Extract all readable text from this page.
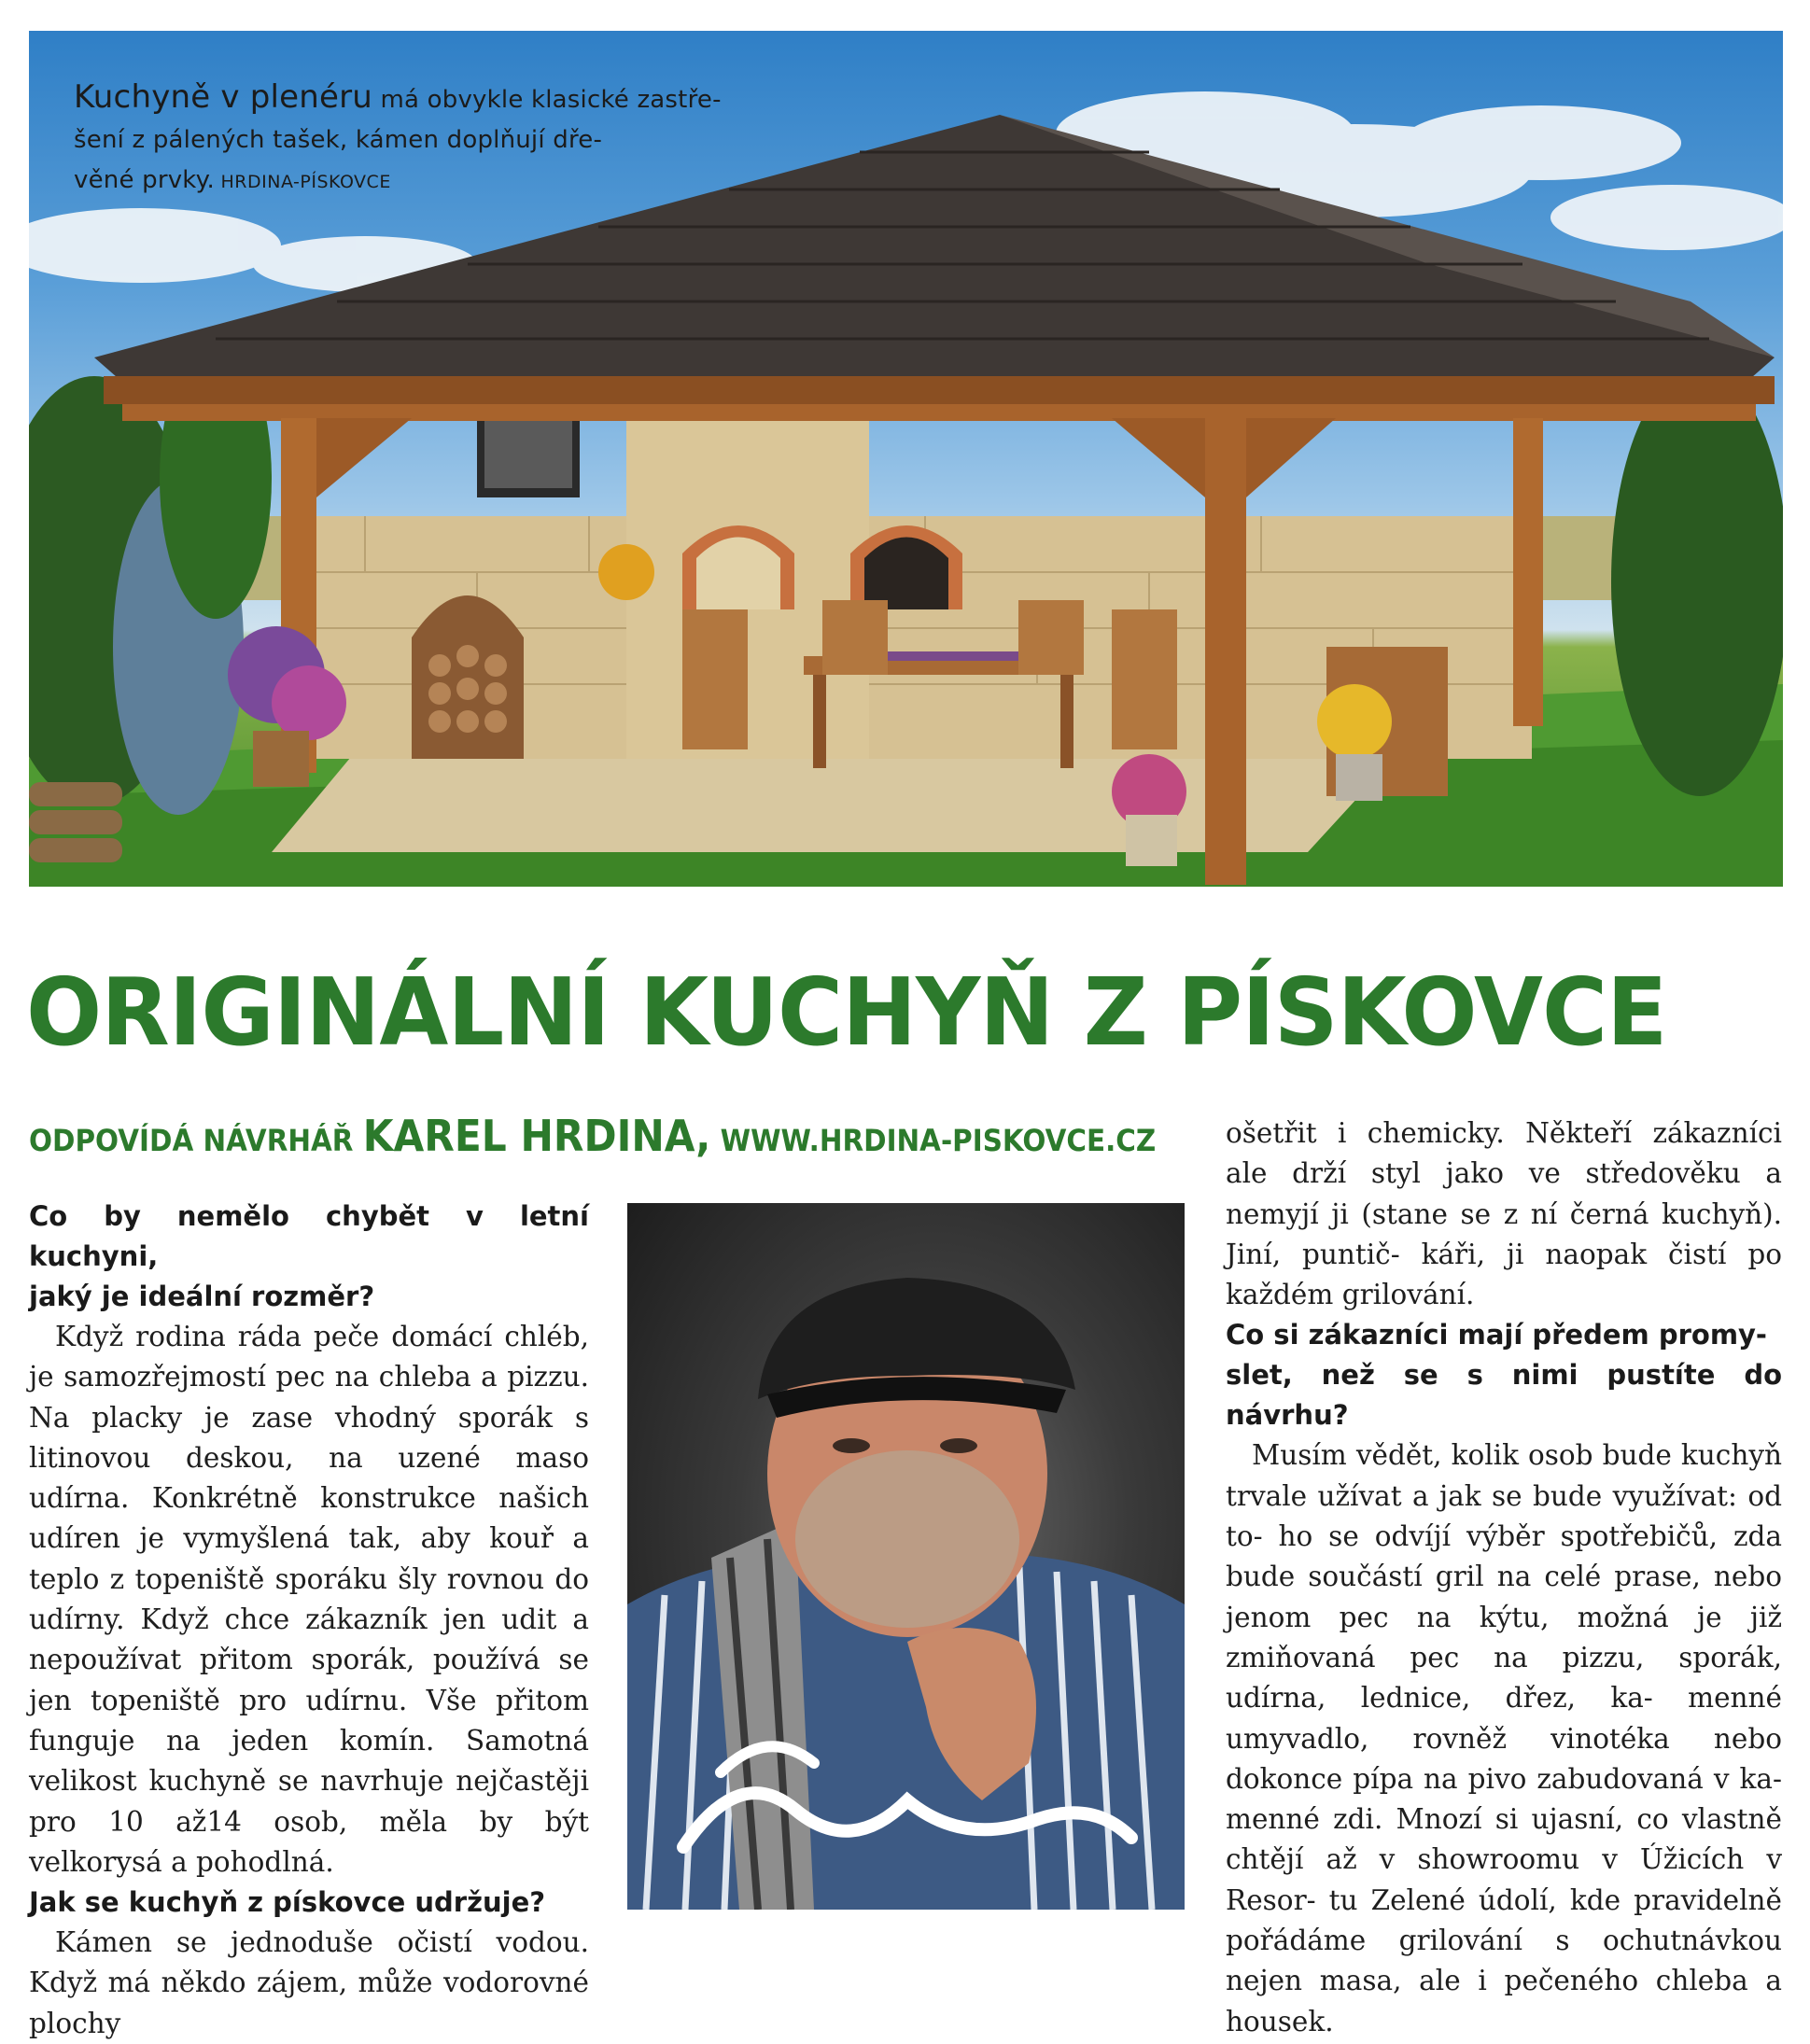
Kuchyně v plenéru má obvykle klasické zastře-
šení z pálených tašek, kámen doplňují dře-
věné prvky. HRDINA-PÍSKOVCE
ORIGINÁLNÍ KUCHYŇ Z PÍSKOVCE
ODPOVÍDÁ NÁVRHÁŘ KAREL HRDINA, WWW.HRDINA-PISKOVCE.CZ

Co by nemělo chybět v letní kuchyni,
jaký je ideální rozměr?

Když rodina ráda peče domácí chléb, je samozřejmostí pec na chleba a pizzu. Na placky je zase vhodný sporák s litinovou deskou, na uzené maso udírna. Konkrétně konstrukce našich udíren je vymyšlená tak, aby kouř a teplo z topeniště sporáku šly rovnou do udírny. Když chce zákazník jen udit a nepoužívat přitom sporák, používá se jen topeniště pro udírnu. Vše přitom funguje na jeden komín. Samotná velikost kuchyně se navrhuje nejčastěji pro 10 až14 osob, měla by být velkorysá a pohodlná.

Jak se kuchyň z pískovce udržuje?

Kámen se jednoduše očistí vodou. Když má někdo zájem, může vodorovné plochy

ošetřit i chemicky. Někteří zákazníci ale drží styl jako ve středověku a nemyjí ji (stane se z ní černá kuchyň). Jiní, puntič- káři, ji naopak čistí po každém grilování.

Co si zákazníci mají předem promy-
slet, než se s nimi pustíte do návrhu?

Musím vědět, kolik osob bude kuchyň trvale užívat a jak se bude využívat: od to- ho se odvíjí výběr spotřebičů, zda bude součástí gril na celé prase, nebo jenom pec na kýtu, možná je již zmiňovaná pec na pizzu, sporák, udírna, lednice, dřez, ka- menné umyvadlo, rovněž vinotéka nebo dokonce pípa na pivo zabudovaná v ka- menné zdi. Mnozí si ujasní, co vlastně chtějí až v showroomu v Úžicích v Resor- tu Zelené údolí, kde pravidelně pořádáme grilování s ochutnávkou nejen masa, ale i pečeného chleba a housek.
